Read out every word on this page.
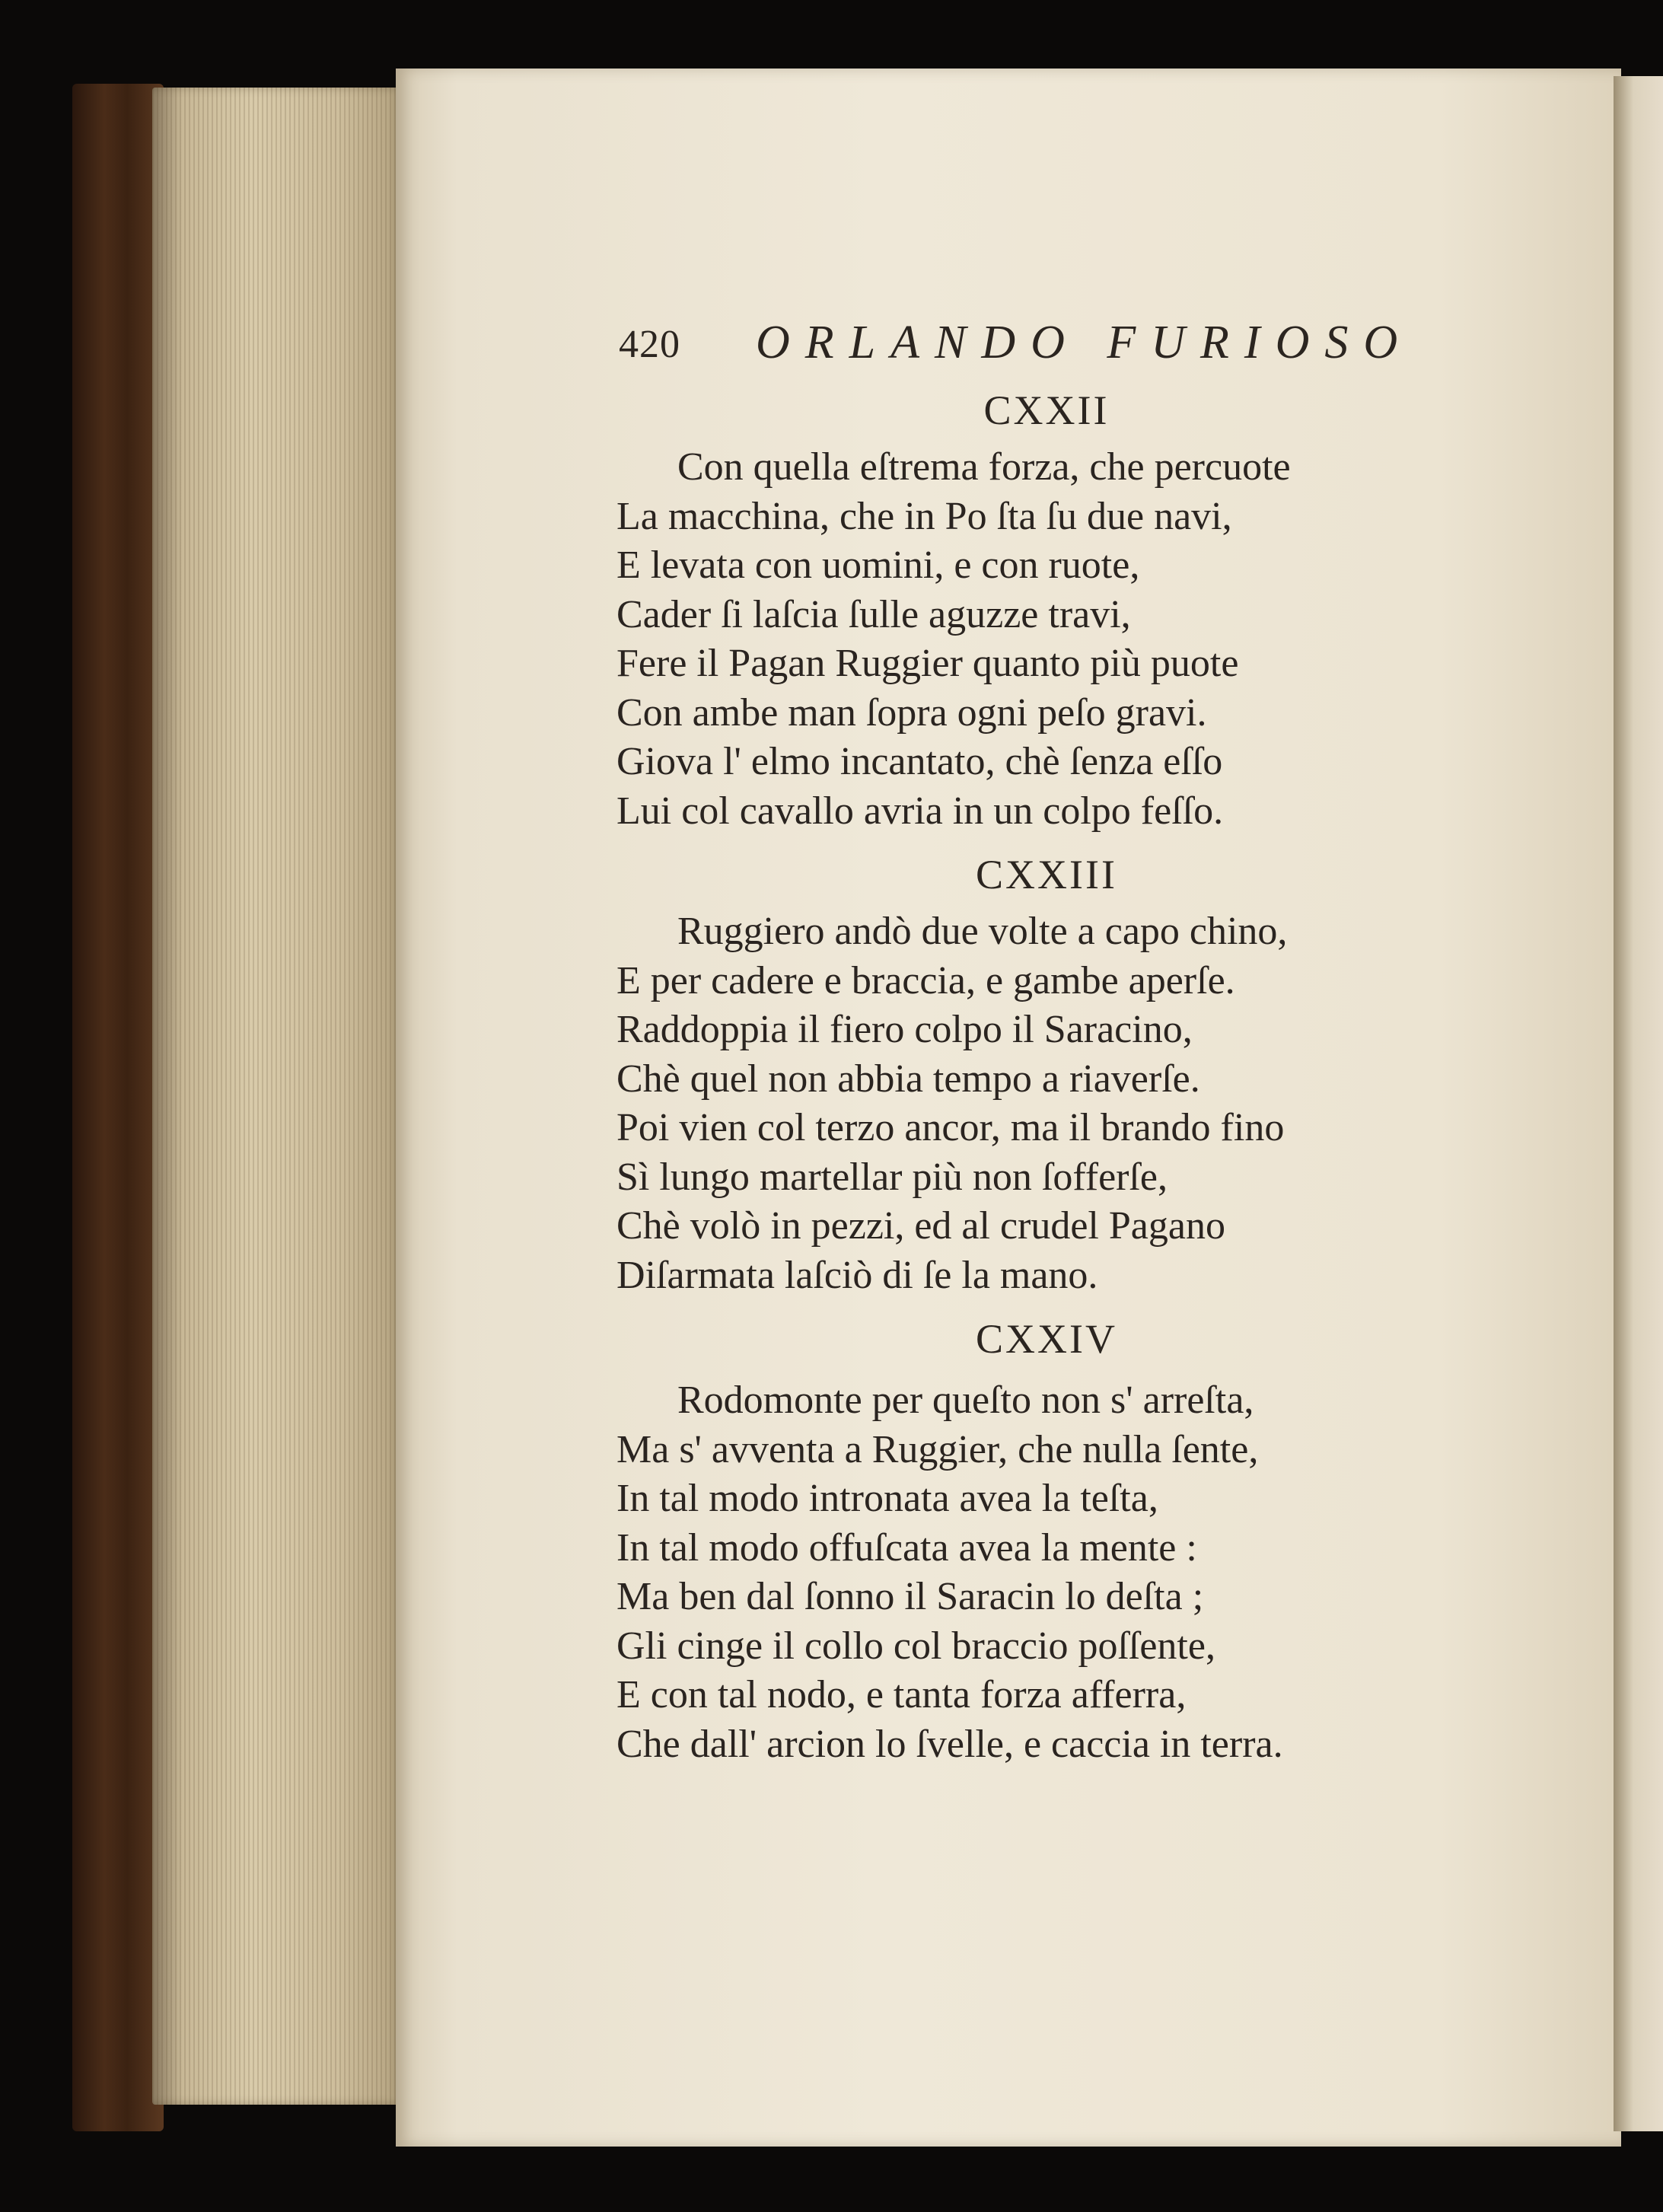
420 ORLANDO FURIOSO
CXXII
Con quella eſtrema forza, che percuote
La macchina, che in Po ſta ſu due navi,
E levata con uomini, e con ruote,
Cader ſi laſcia ſulle aguzze travi,
Fere il Pagan Ruggier quanto più puote
Con ambe man ſopra ogni peſo gravi.
Giova l' elmo incantato, chè ſenza eſſo
Lui col cavallo avria in un colpo feſſo.
CXXIII
Ruggiero andò due volte a capo chino,
E per cadere e braccia, e gambe aperſe.
Raddoppia il fiero colpo il Saracino,
Chè quel non abbia tempo a riaverſe.
Poi vien col terzo ancor, ma il brando fino
Sì lungo martellar più non ſofferſe,
Chè volò in pezzi, ed al crudel Pagano
Diſarmata laſciò di ſe la mano.
CXXIV
Rodomonte per queſto non s' arreſta,
Ma s' avventa a Ruggier, che nulla ſente,
In tal modo intronata avea la teſta,
In tal modo offuſcata avea la mente :
Ma ben dal ſonno il Saracin lo deſta ;
Gli cinge il collo col braccio poſſente,
E con tal nodo, e tanta forza afferra,
Che dall' arcion lo ſvelle, e caccia in terra.
